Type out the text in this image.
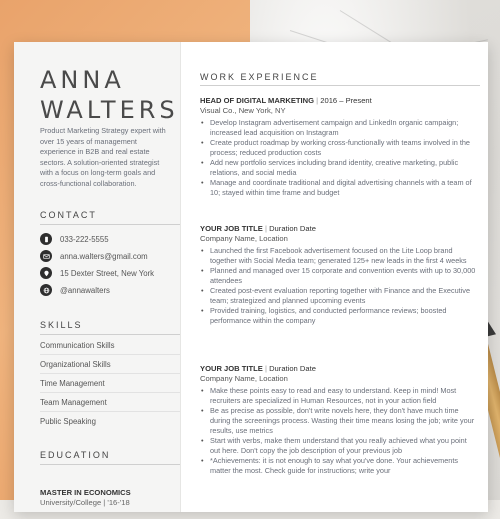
ANNA
WALTERS
Product Marketing Strategy expert with over 15 years of management experience in B2B and real estate sectors. A solution-oriented strategist with a focus on long-term goals and cross-functional collaboration.
CONTACT
033-222-5555
anna.walters@gmail.com
15 Dexter Street, New York
@annawalters
SKILLS
Communication Skills
Organizational Skills
Time Management
Team Management
Public Speaking
EDUCATION
MASTER IN ECONOMICS
University/College | '16-'18
WORK EXPERIENCE
HEAD OF DIGITAL MARKETING | 2016 – Present
Visual Co., New York, NY
• Develop Instagram advertisement campaign and LinkedIn organic campaign; increased lead acquisition on Instagram
• Create product roadmap by working cross-functionally with teams involved in the process; reduced production costs
• Add new portfolio services including brand identity, creative marketing, public relations, and social media
• Manage and coordinate traditional and digital advertising channels with a team of 10; stayed within time frame and budget
YOUR JOB TITLE | Duration Date
Company Name, Location
• Launched the first Facebook advertisement focused on the Lite Loop brand together with Social Media team; generated 125+ new leads in the first 4 weeks
• Planned and managed over 15 corporate and convention events with up to 30,000 attendees
• Created post-event evaluation reporting together with Finance and the Executive team; strategized and planned upcoming events
• Provided training, logistics, and conducted performance reviews; boosted performance within the company
YOUR JOB TITLE | Duration Date
Company Name, Location
• Make these points easy to read and easy to understand. Keep in mind! Most recruiters are specialized in Human Resources, not in your action field
• Be as precise as possible, don't write novels here, they don't have much time during the screenings process. Wasting their time means losing the job; write your results, use metrics
• Start with verbs, make them understand that you really achieved what you point out here. Don't copy the job description of your previous job
• *Achievements: it is not enough to say what you've done. Your achievements matter the most. Check guide for instructions; write your
